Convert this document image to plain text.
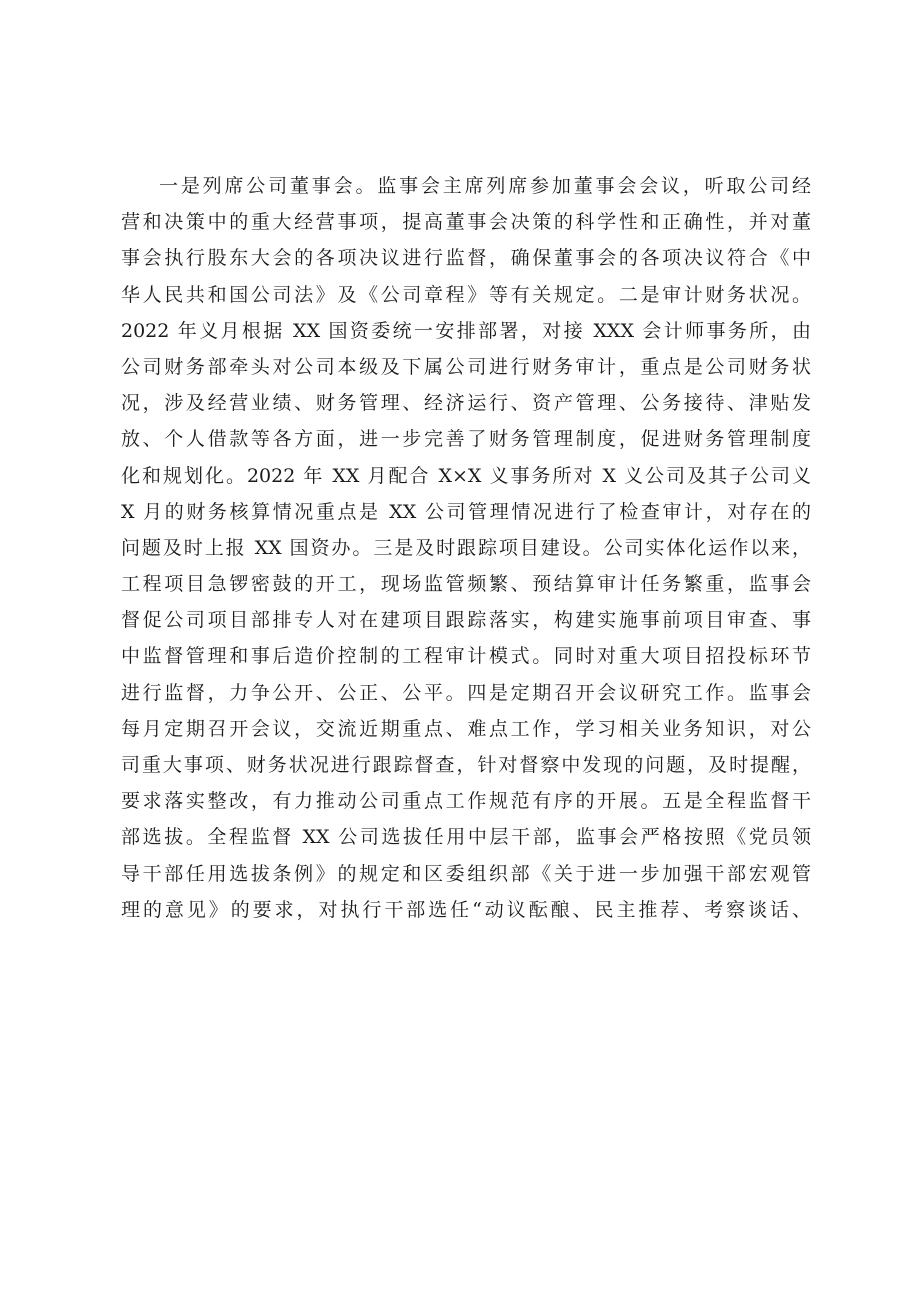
一是列席公司董事会。监事会主席列席参加董事会会议，听取公司经
营和决策中的重大经营事项，提高董事会决策的科学性和正确性，并对董
事会执行股东大会的各项决议进行监督，确保董事会的各项决议符合《中
华人民共和国公司法》及《公司章程》等有关规定。二是审计财务状况。
2022 年义月根据 XX 国资委统一安排部署，对接 XXX 会计师事务所，由
公司财务部牵头对公司本级及下属公司进行财务审计，重点是公司财务状
况，涉及经营业绩、财务管理、经济运行、资产管理、公务接待、津贴发
放、个人借款等各方面，进一步完善了财务管理制度，促进财务管理制度
化和规划化。2022 年 XX 月配合 X×X 义事务所对 X 义公司及其子公司义
X 月的财务核算情况重点是 XX 公司管理情况进行了检查审计，对存在的
问题及时上报 XX 国资办。三是及时跟踪项目建设。公司实体化运作以来，
工程项目急锣密鼓的开工，现场监管频繁、预结算审计任务繁重，监事会
督促公司项目部排专人对在建项目跟踪落实，构建实施事前项目审查、事
中监督管理和事后造价控制的工程审计模式。同时对重大项目招投标环节
进行监督，力争公开、公正、公平。四是定期召开会议研究工作。监事会
每月定期召开会议，交流近期重点、难点工作，学习相关业务知识，对公
司重大事项、财务状况进行跟踪督查，针对督察中发现的问题，及时提醒，
要求落实整改，有力推动公司重点工作规范有序的开展。五是全程监督干
部选拔。全程监督 XX 公司选拔任用中层干部，监事会严格按照《党员领
导干部任用选拔条例》的规定和区委组织部《关于进一步加强干部宏观管
理的意见》的要求，对执行干部选任“动议酝酿、民主推荐、考察谈话、
